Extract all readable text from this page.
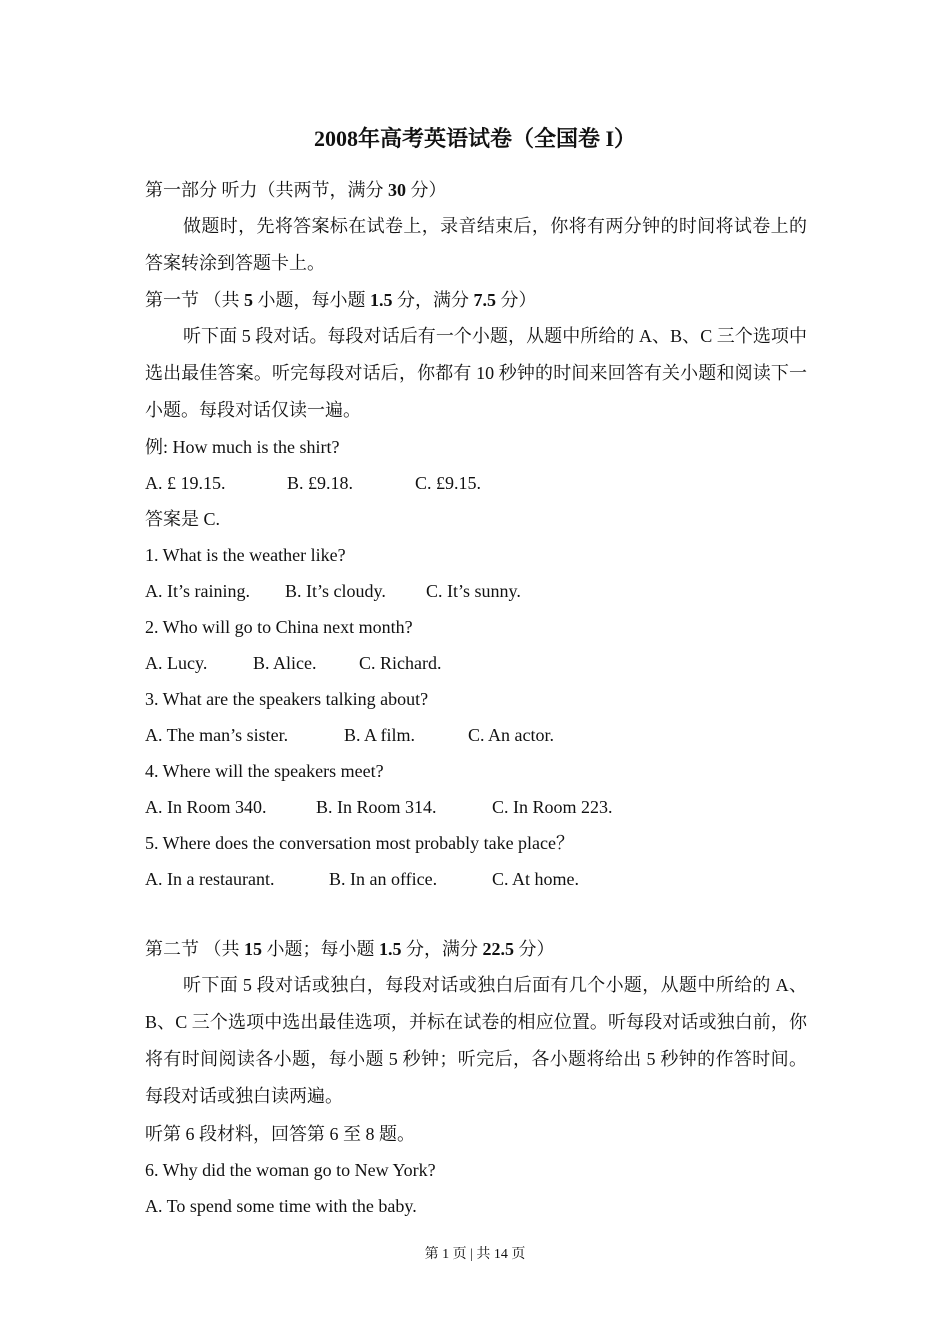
2008年高考英语试卷（全国卷 I）
第一部分 听力（共两节，满分 30 分）
做题时，先将答案标在试卷上，录音结束后，你将有两分钟的时间将试卷上的答案转涂到答题卡上。
第一节 （共 5 小题，每小题 1.5 分，满分 7.5 分）
听下面 5 段对话。每段对话后有一个小题，从题中所给的 A、B、C 三个选项中选出最佳答案。听完每段对话后，你都有 10 秒钟的时间来回答有关小题和阅读下一小题。每段对话仅读一遍。
例: How much is the shirt?
A. £ 19.15.	B. £9.18.	C. £9.15.
答案是 C.
1. What is the weather like?
A. It’s raining. B. It’s cloudy. C. It’s sunny.
2. Who will go to China next month?
A. Lucy.	B. Alice. C. Richard.
3. What are the speakers talking about?
A. The man’s sister.	B. A film.	C. An actor.
4. Where will the speakers meet?
A. In Room 340.	B. In Room 314.	C. In Room 223.
5. Where does the conversation most probably take place？
A. In a restaurant.	B. In an office.	C. At home.
第二节 （共 15 小题；每小题 1.5 分，满分 22.5 分）
听下面 5 段对话或独白，每段对话或独白后面有几个小题，从题中所给的 A、B、C 三个选项中选出最佳选项，并标在试卷的相应位置。听每段对话或独白前，你将有时间阅读各小题，每小题 5 秒钟；听完后，各小题将给出 5 秒钟的作答时间。每段对话或独白读两遍。
听第 6 段材料，回答第 6 至 8 题。
6. Why did the woman go to New York?
A. To spend some time with the baby.
第 1 页 | 共 14 页
